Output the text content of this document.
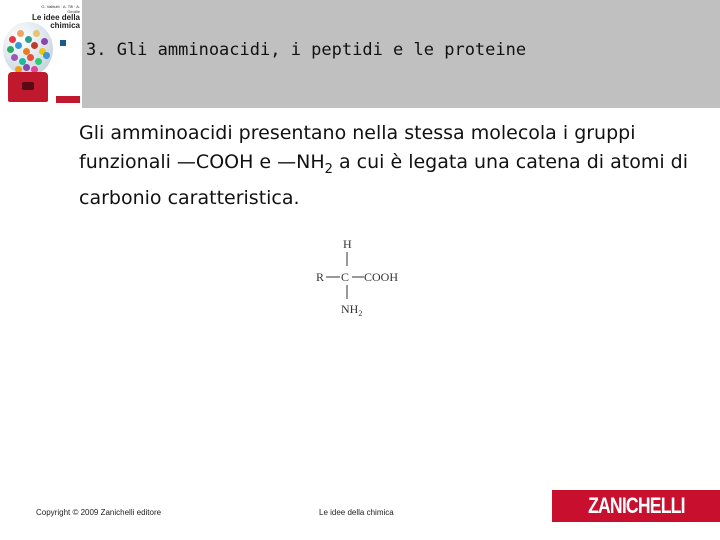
G. Valitutti · A. Tifi · A. Gentile
Le idee della
chimica
3. Gli amminoacidi, i peptidi e le proteine

Gli amminoacidi presentano nella stessa molecola i gruppi funzionali —COOH e $—NH_2$ a cui è legata una catena di atomi di carbonio caratteristica.

H
R C COOH
$NH_2$
Copyright © 2009 Zanichelli editore	Le idee della chimica	ZANICHELLI
